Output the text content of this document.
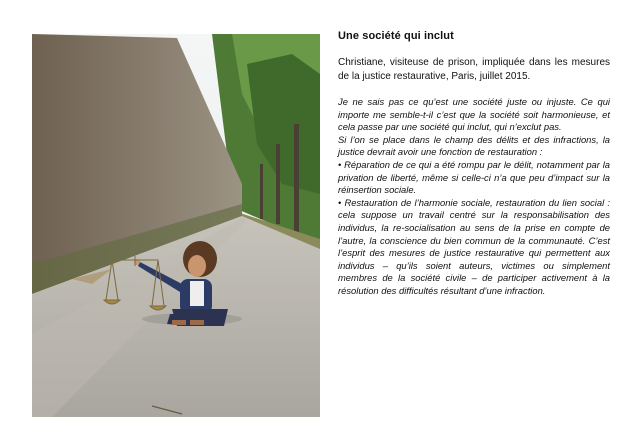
Une société qui inclut

Christiane, visiteuse de prison, impliquée dans les mesures de la justice restaurative, Paris, juillet 2015.

Je ne sais pas ce qu’est une société juste ou injuste. Ce qui importe me semble-t-il c’est que la société soit harmonieuse, et cela passe par une société qui inclut, qui n’exclut pas.

Si l’on se place dans le champ des délits et des infractions, la justice devrait avoir une fonction de restauration :

• Réparation de ce qui a été rompu par le délit, notamment par la privation de liberté, même si celle-ci n’a que peu d’impact sur la réinsertion sociale.

• Restauration de l’harmonie sociale, restauration du lien social : cela suppose un travail centré sur la responsabilisation des individus, la re-socialisation au sens de la prise en compte de l’autre, la conscience du bien commun de la communauté. C’est l’esprit des mesures de justice restaurative qui permettent aux individus – qu’ils soient auteurs, victimes ou simplement membres de la société civile – de participer activement à la résolution des difficultés résultant d’une infraction.
